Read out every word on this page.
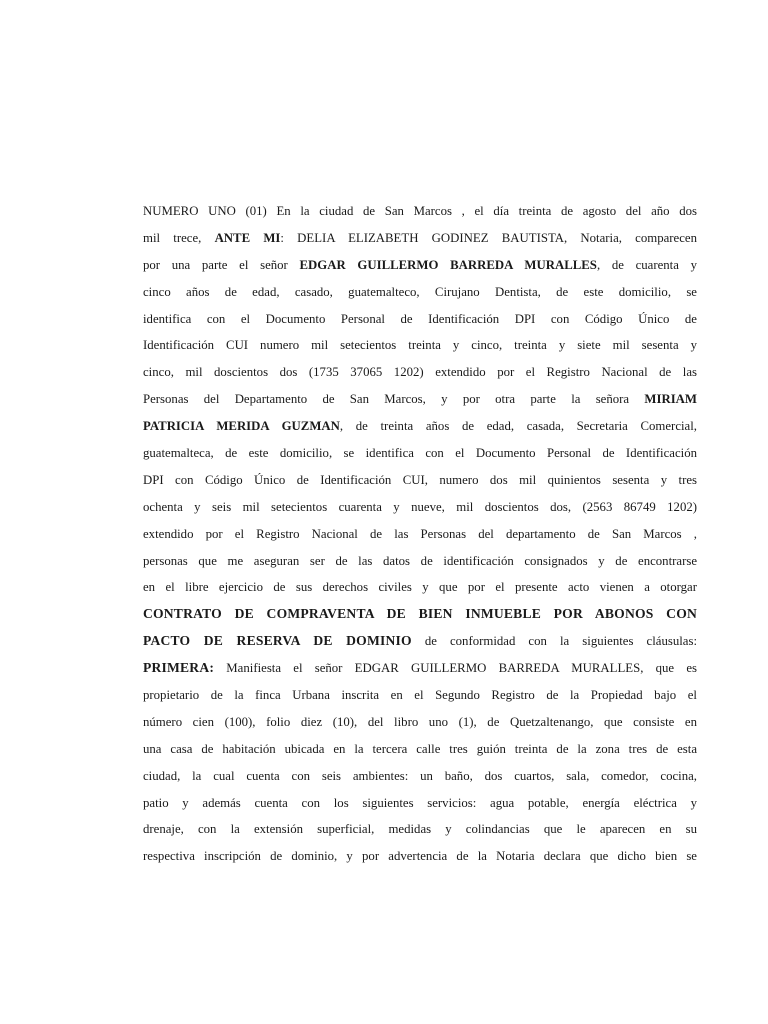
NUMERO UNO (01) En la ciudad de San Marcos , el día treinta de agosto del año dos
mil trece, ANTE MI: DELIA ELIZABETH GODINEZ BAUTISTA, Notaria, comparecen
por una parte el señor EDGAR GUILLERMO BARREDA MURALLES, de cuarenta y
cinco años de edad, casado, guatemalteco, Cirujano Dentista, de este domicilio, se
identifica con el Documento Personal de Identificación DPI con Código Único de
Identificación CUI numero mil setecientos treinta y cinco, treinta y siete mil sesenta y
cinco, mil doscientos dos (1735 37065 1202) extendido por el Registro Nacional de las
Personas del Departamento de San Marcos, y por otra parte la señora MIRIAM
PATRICIA MERIDA GUZMAN, de treinta años de edad, casada, Secretaria Comercial,
guatemalteca, de este domicilio, se identifica con el Documento Personal de Identificación
DPI con Código Único de Identificación CUI, numero dos mil quinientos sesenta y tres
ochenta y seis mil setecientos cuarenta y nueve, mil doscientos dos, (2563 86749 1202)
extendido por el Registro Nacional de las Personas del departamento de San Marcos ,
personas que me aseguran ser de las datos de identificación consignados y de encontrarse
en el libre ejercicio de sus derechos civiles y que por el presente acto vienen a otorgar
CONTRATO DE COMPRAVENTA DE BIEN INMUEBLE POR ABONOS CON
PACTO DE RESERVA DE DOMINIO de conformidad con la siguientes cláusulas:
PRIMERA: Manifiesta el señor EDGAR GUILLERMO BARREDA MURALLES, que es
propietario de la finca Urbana inscrita en el Segundo Registro de la Propiedad bajo el
número cien (100), folio diez (10), del libro uno (1), de Quetzaltenango, que consiste en
una casa de habitación ubicada en la tercera calle tres guión treinta de la zona tres de esta
ciudad, la cual cuenta con seis ambientes: un baño, dos cuartos, sala, comedor, cocina,
patio y además cuenta con los siguientes servicios: agua potable, energía eléctrica y
drenaje, con la extensión superficial, medidas y colindancias que le aparecen en su
respectiva inscripción de dominio, y por advertencia de la Notaria declara que dicho bien se
